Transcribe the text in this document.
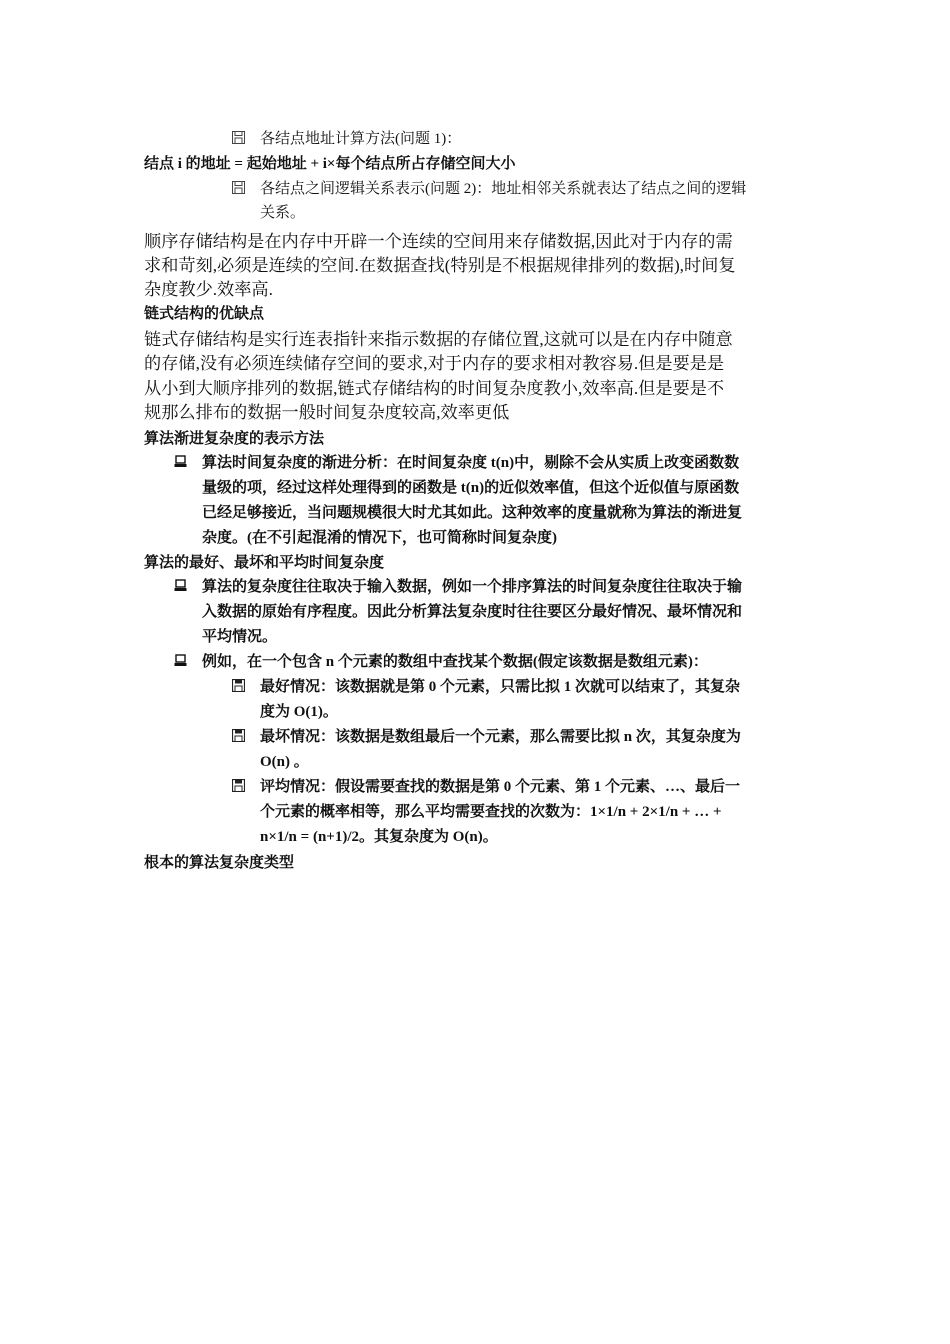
各结点地址计算方法(问题 1)：
结点 i 的地址 = 起始地址 + i×每个结点所占存储空间大小
各结点之间逻辑关系表示(问题 2)：地址相邻关系就表达了结点之间的逻辑
关系。
顺序存储结构是在内存中开辟一个连续的空间用来存储数据,因此对于内存的需
求和苛刻,必须是连续的空间.在数据查找(特别是不根据规律排列的数据),时间复
杂度教少.效率高.
链式结构的优缺点
链式存储结构是实行连表指针来指示数据的存储位置,这就可以是在内存中随意
的存储,没有必须连续储存空间的要求,对于内存的要求相对教容易.但是要是是
从小到大顺序排列的数据,链式存储结构的时间复杂度教小,效率高.但是要是不
规那么排布的数据一般时间复杂度较高,效率更低
算法渐进复杂度的表示方法
算法时间复杂度的渐进分析：在时间复杂度 t(n)中，剔除不会从实质上改变函数数
量级的项，经过这样处理得到的函数是 t(n)的近似效率值，但这个近似值与原函数
已经足够接近，当问题规模很大时尤其如此。这种效率的度量就称为算法的渐进复
杂度。(在不引起混淆的情况下，也可简称时间复杂度)
算法的最好、最坏和平均时间复杂度
算法的复杂度往往取决于输入数据，例如一个排序算法的时间复杂度往往取决于输
入数据的原始有序程度。因此分析算法复杂度时往往要区分最好情况、最坏情况和
平均情况。
例如，在一个包含 n 个元素的数组中查找某个数据(假定该数据是数组元素)：
最好情况：该数据就是第 0 个元素，只需比拟 1 次就可以结束了，其复杂
度为 O(1)。
最坏情况：该数据是数组最后一个元素，那么需要比拟 n 次，其复杂度为
O(n) 。
评均情况：假设需要查找的数据是第 0 个元素、第 1 个元素、…、最后一
个元素的概率相等，那么平均需要查找的次数为：1×1/n + 2×1/n + … +
n×1/n = (n+1)/2。其复杂度为 O(n)。
根本的算法复杂度类型
